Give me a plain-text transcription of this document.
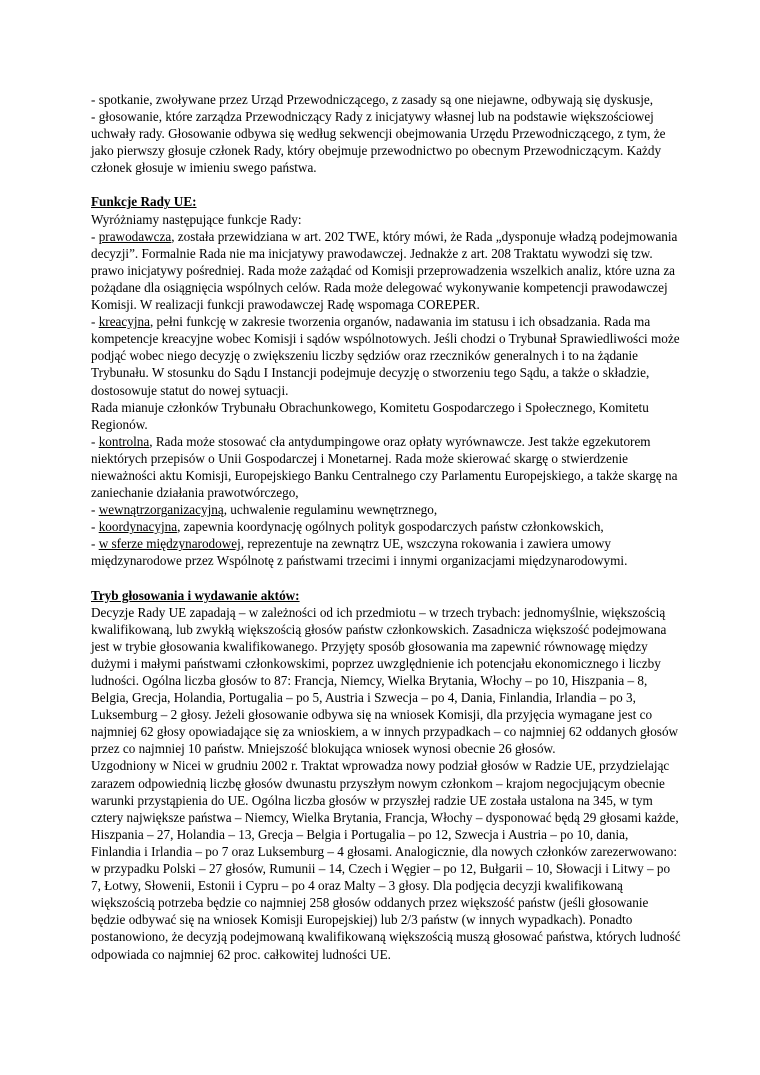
- spotkanie, zwoływane przez Urząd Przewodniczącego, z zasady są one niejawne, odbywają się dyskusje,

- głosowanie, które zarządza Przewodniczący Rady z inicjatywy własnej lub na podstawie większościowej uchwały rady. Głosowanie odbywa się według sekwencji obejmowania Urzędu Przewodniczącego, z tym, że jako pierwszy głosuje członek Rady, który obejmuje przewodnictwo po obecnym Przewodniczącym. Każdy członek głosuje w imieniu swego państwa.

Funkcje Rady UE:

Wyróżniamy następujące funkcje Rady:

- prawodawcza, została przewidziana w art. 202 TWE, który mówi, że Rada „dysponuje władzą podejmowania decyzji”. Formalnie Rada nie ma inicjatywy prawodawczej. Jednakże z art. 208 Traktatu wywodzi się tzw. prawo inicjatywy pośredniej. Rada może zażądać od Komisji przeprowadzenia wszelkich analiz, które uzna za pożądane dla osiągnięcia wspólnych celów. Rada może delegować wykonywanie kompetencji prawodawczej Komisji. W realizacji funkcji prawodawczej Radę wspomaga COREPER.

- kreacyjna, pełni funkcję w zakresie tworzenia organów, nadawania im statusu i ich obsadzania. Rada ma kompetencje kreacyjne wobec Komisji i sądów wspólnotowych. Jeśli chodzi o Trybunał Sprawiedliwości może podjąć wobec niego decyzję o zwiększeniu liczby sędziów oraz rzeczników generalnych i to na żądanie Trybunału. W stosunku do Sądu I Instancji podejmuje decyzję o stworzeniu tego Sądu, a także o składzie, dostosowuje statut do nowej sytuacji.

Rada mianuje członków Trybunału Obrachunkowego, Komitetu Gospodarczego i Społecznego, Komitetu Regionów.

- kontrolna, Rada może stosować cła antydumpingowe oraz opłaty wyrównawcze. Jest także egzekutorem niektórych przepisów o Unii Gospodarczej i Monetarnej. Rada może skierować skargę o stwierdzenie nieważności aktu Komisji, Europejskiego Banku Centralnego czy Parlamentu Europejskiego, a także skargę na zaniechanie działania prawotwórczego,

- wewnątrzorganizacyjną, uchwalenie regulaminu wewnętrznego,

- koordynacyjna, zapewnia koordynację ogólnych polityk gospodarczych państw członkowskich,

- w sferze międzynarodowej, reprezentuje na zewnątrz UE, wszczyna rokowania i zawiera umowy międzynarodowe przez Wspólnotę z państwami trzecimi i innymi organizacjami międzynarodowymi.

Tryb głosowania i wydawanie aktów:

Decyzje Rady UE zapadają – w zależności od ich przedmiotu – w trzech trybach: jednomyślnie, większością kwalifikowaną, lub zwykłą większością głosów państw członkowskich. Zasadnicza większość podejmowana jest w trybie głosowania kwalifikowanego. Przyjęty sposób głosowania ma zapewnić równowagę między dużymi i małymi państwami członkowskimi, poprzez uwzględnienie ich potencjału ekonomicznego i liczby ludności. Ogólna liczba głosów to 87: Francja, Niemcy, Wielka Brytania, Włochy – po 10, Hiszpania – 8, Belgia, Grecja, Holandia, Portugalia – po 5, Austria i Szwecja – po 4, Dania, Finlandia, Irlandia – po 3, Luksemburg – 2 głosy. Jeżeli głosowanie odbywa się na wniosek Komisji, dla przyjęcia wymagane jest co najmniej 62 głosy opowiadające się za wnioskiem, a w innych przypadkach – co najmniej 62 oddanych głosów przez co najmniej 10 państw. Mniejszość blokująca wniosek wynosi obecnie 26 głosów.

Uzgodniony w Nicei w grudniu 2002 r. Traktat wprowadza nowy podział głosów w Radzie UE, przydzielając zarazem odpowiednią liczbę głosów dwunastu przyszłym nowym członkom – krajom negocjującym obecnie warunki przystąpienia do UE. Ogólna liczba głosów w przyszłej radzie UE została ustalona na 345, w tym cztery największe państwa – Niemcy, Wielka Brytania, Francja, Włochy – dysponować będą 29 głosami każde, Hiszpania – 27, Holandia – 13, Grecja – Belgia i Portugalia – po 12, Szwecja i Austria – po 10, dania, Finlandia i Irlandia – po 7 oraz Luksemburg – 4 głosami. Analogicznie, dla nowych członków zarezerwowano: w przypadku Polski – 27 głosów, Rumunii – 14, Czech i Węgier – po 12, Bułgarii – 10, Słowacji i Litwy – po 7, Łotwy, Słowenii, Estonii i Cypru – po 4 oraz Malty – 3 głosy. Dla podjęcia decyzji kwalifikowaną większością potrzeba będzie co najmniej 258 głosów oddanych przez większość państw (jeśli głosowanie będzie odbywać się na wniosek Komisji Europejskiej) lub 2/3 państw (w innych wypadkach). Ponadto postanowiono, że decyzją podejmowaną kwalifikowaną większością muszą głosować państwa, których ludność odpowiada co najmniej 62 proc. całkowitej ludności UE.
